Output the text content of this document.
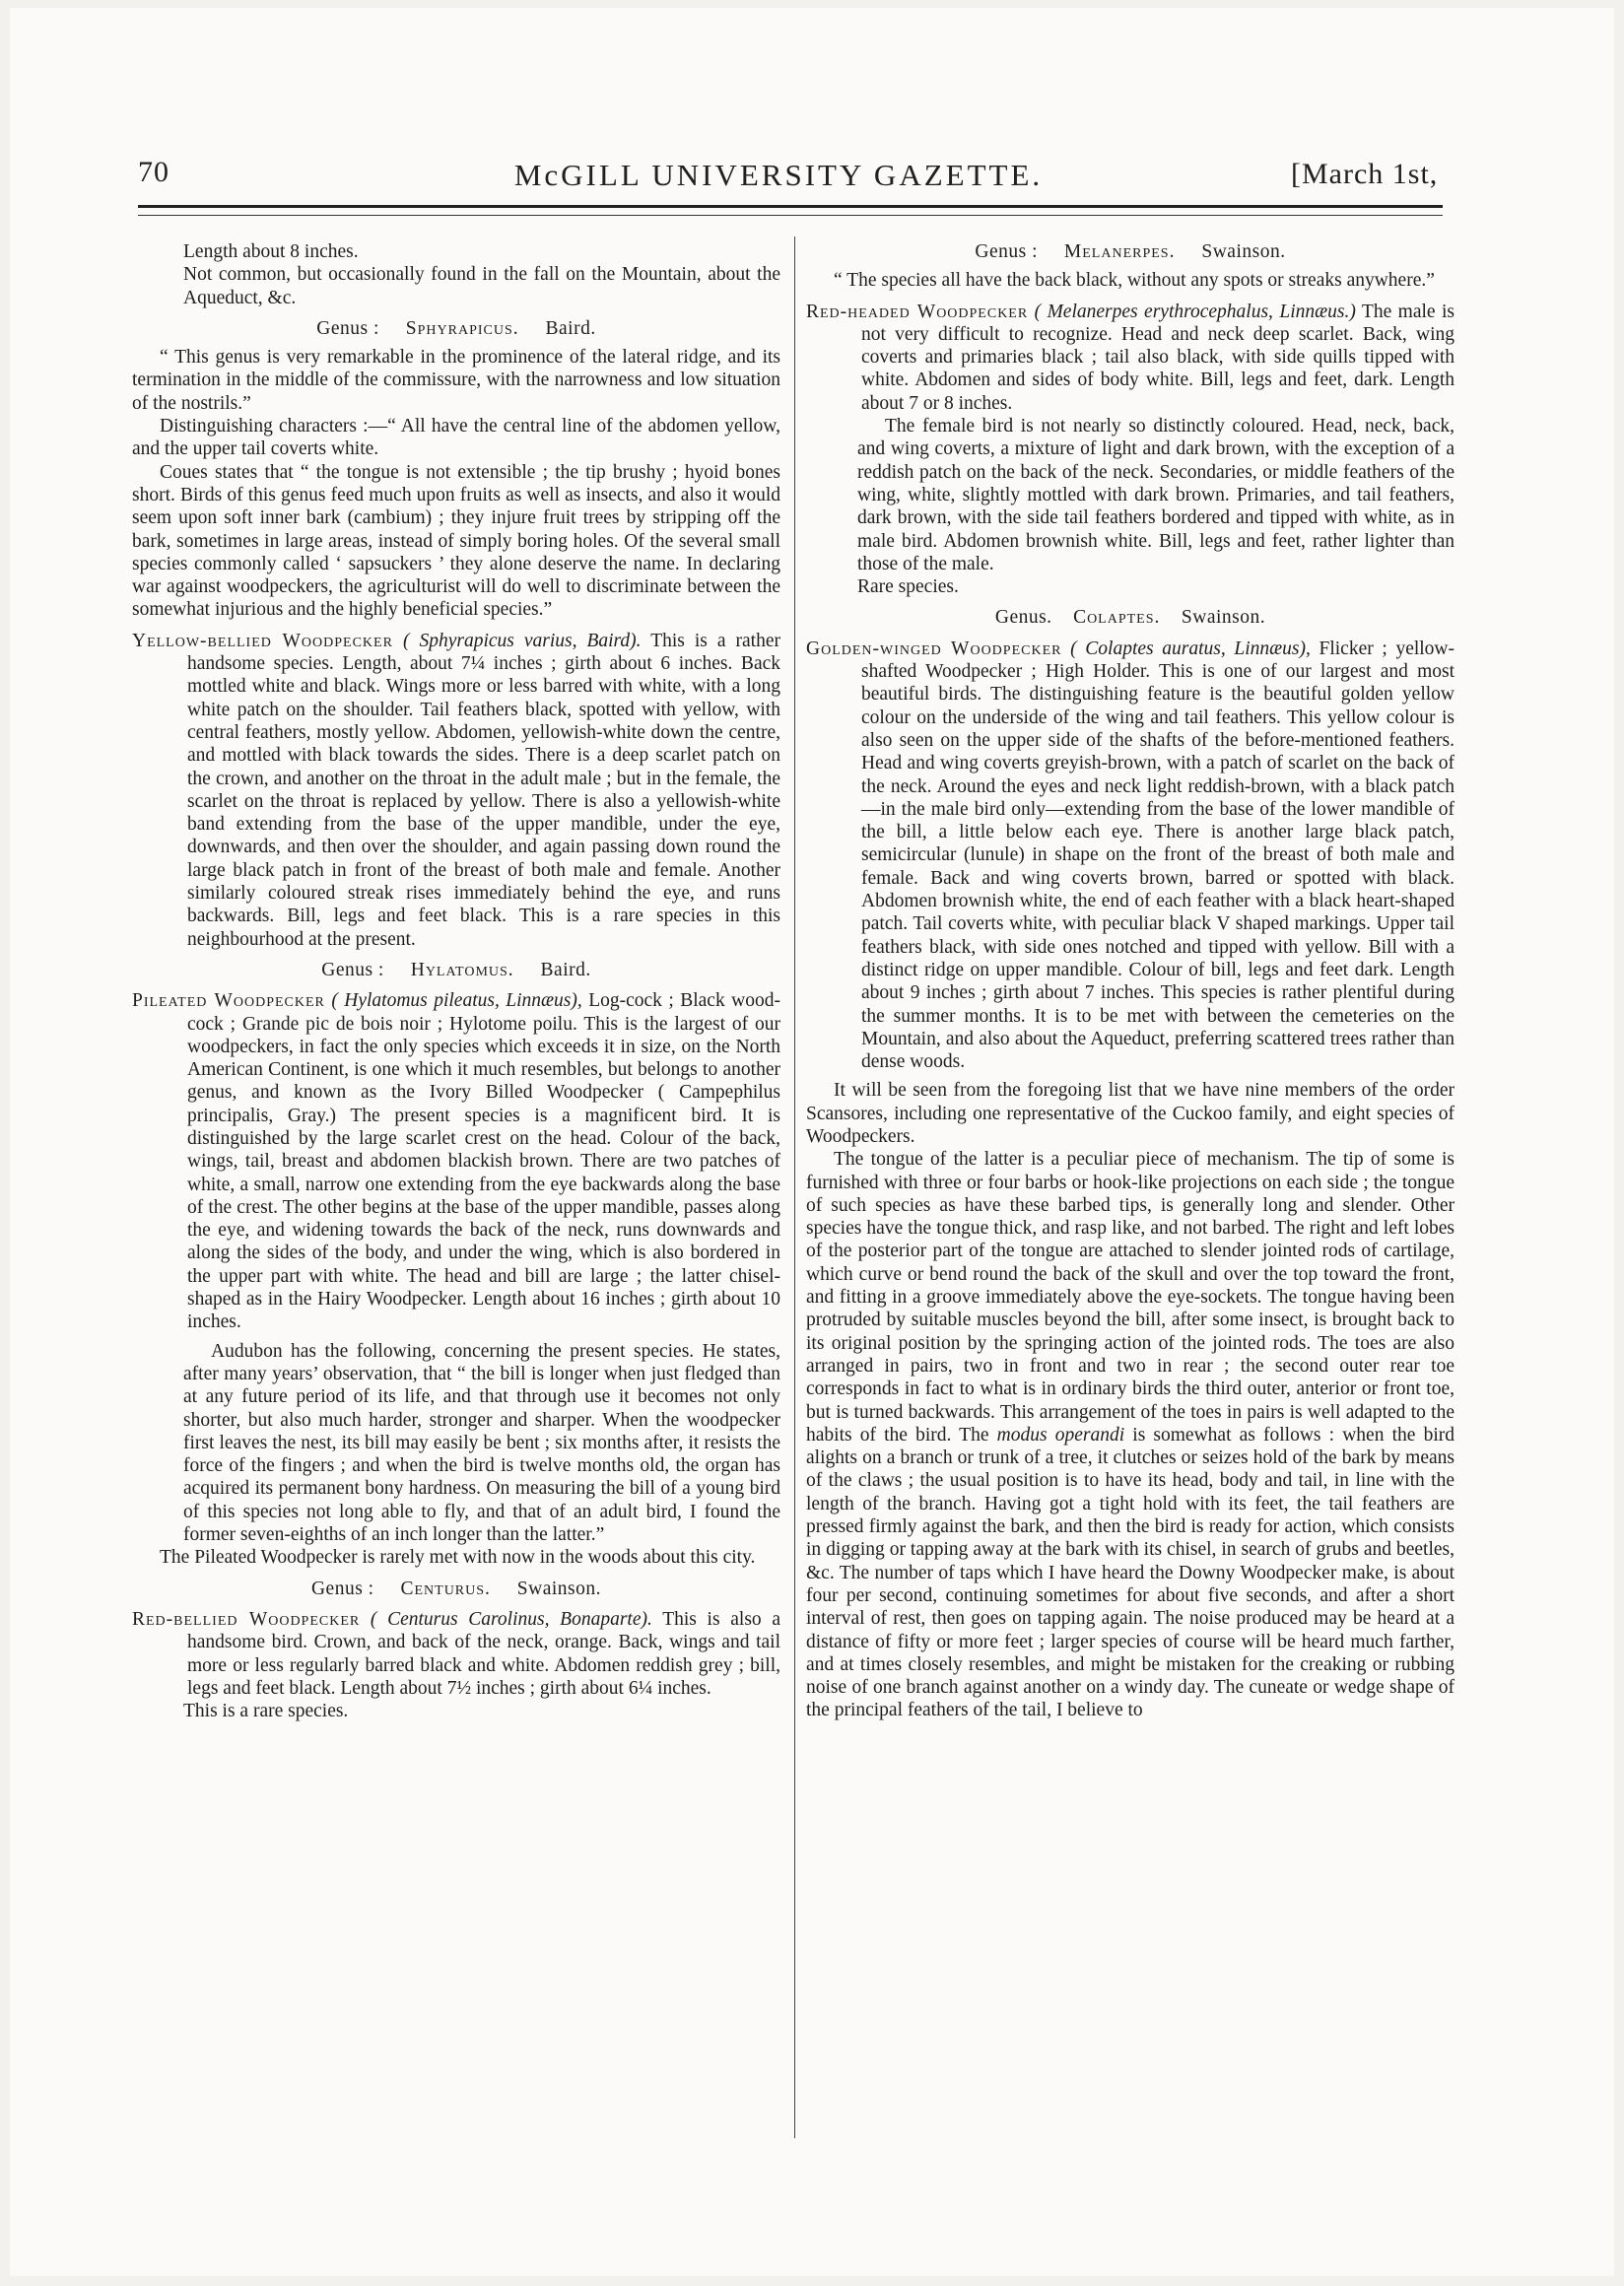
70	McGILL UNIVERSITY GAZETTE.	[March 1st,

Length about 8 inches.

Not common, but occasionally found in the fall on the Mountain, about the Aqueduct, &c.

Genus : Sphyrapicus. Baird.

“ This genus is very remarkable in the prominence of the lateral ridge, and its termination in the middle of the commissure, with the narrowness and low situation of the nostrils.”

Distinguishing characters :—“ All have the central line of the abdomen yellow, and the upper tail coverts white.

Coues states that “ the tongue is not extensible ; the tip brushy ; hyoid bones short. Birds of this genus feed much upon fruits as well as insects, and also it would seem upon soft inner bark (cambium) ; they injure fruit trees by stripping off the bark, sometimes in large areas, instead of simply boring holes. Of the several small species commonly called ‘ sapsuckers ’ they alone deserve the name. In declaring war against woodpeckers, the agriculturist will do well to discriminate between the somewhat injurious and the highly beneficial species.”

Yellow-bellied Woodpecker ( Sphyrapicus varius, Baird). This is a rather handsome species. Length, about 7¼ inches ; girth about 6 inches. Back mottled white and black. Wings more or less barred with white, with a long white patch on the shoulder. Tail feathers black, spotted with yellow, with central feathers, mostly yellow. Abdomen, yellowish-white down the centre, and mottled with black towards the sides. There is a deep scarlet patch on the crown, and another on the throat in the adult male ; but in the female, the scarlet on the throat is replaced by yellow. There is also a yellowish-white band extending from the base of the upper mandible, under the eye, downwards, and then over the shoulder, and again passing down round the large black patch in front of the breast of both male and female. Another similarly coloured streak rises immediately behind the eye, and runs backwards. Bill, legs and feet black. This is a rare species in this neighbourhood at the present.

Genus : Hylatomus. Baird.

Pileated Woodpecker ( Hylatomus pileatus, Linnæus), Log-cock ; Black wood-cock ; Grande pic de bois noir ; Hylotome poilu. This is the largest of our woodpeckers, in fact the only species which exceeds it in size, on the North American Continent, is one which it much resembles, but belongs to another genus, and known as the Ivory Billed Woodpecker ( Campephilus principalis, Gray.) The present species is a magnificent bird. It is distinguished by the large scarlet crest on the head. Colour of the back, wings, tail, breast and abdomen blackish brown. There are two patches of white, a small, narrow one extending from the eye backwards along the base of the crest. The other begins at the base of the upper mandible, passes along the eye, and widening towards the back of the neck, runs downwards and along the sides of the body, and under the wing, which is also bordered in the upper part with white. The head and bill are large ; the latter chisel-shaped as in the Hairy Woodpecker. Length about 16 inches ; girth about 10 inches.

Audubon has the following, concerning the present species. He states, after many years’ observation, that “ the bill is longer when just fledged than at any future period of its life, and that through use it becomes not only shorter, but also much harder, stronger and sharper. When the woodpecker first leaves the nest, its bill may easily be bent ; six months after, it resists the force of the fingers ; and when the bird is twelve months old, the organ has acquired its permanent bony hardness. On measuring the bill of a young bird of this species not long able to fly, and that of an adult bird, I found the former seven-eighths of an inch longer than the latter.”

The Pileated Woodpecker is rarely met with now in the woods about this city.

Genus : Centurus. Swainson.

Red-bellied Woodpecker ( Centurus Carolinus, Bonaparte). This is also a handsome bird. Crown, and back of the neck, orange. Back, wings and tail more or less regularly barred black and white. Abdomen reddish grey ; bill, legs and feet black. Length about 7½ inches ; girth about 6¼ inches.

This is a rare species.

Genus : Melanerpes. Swainson.

“ The species all have the back black, without any spots or streaks anywhere.”

Red-headed Woodpecker ( Melanerpes erythrocephalus, Linnæus.) The male is not very difficult to recognize. Head and neck deep scarlet. Back, wing coverts and primaries black ; tail also black, with side quills tipped with white. Abdomen and sides of body white. Bill, legs and feet, dark. Length about 7 or 8 inches.

The female bird is not nearly so distinctly coloured. Head, neck, back, and wing coverts, a mixture of light and dark brown, with the exception of a reddish patch on the back of the neck. Secondaries, or middle feathers of the wing, white, slightly mottled with dark brown. Primaries, and tail feathers, dark brown, with the side tail feathers bordered and tipped with white, as in male bird. Abdomen brownish white. Bill, legs and feet, rather lighter than those of the male.

Rare species.

Genus. Colaptes. Swainson.

Golden-winged Woodpecker ( Colaptes auratus, Linnæus), Flicker ; yellow-shafted Woodpecker ; High Holder. This is one of our largest and most beautiful birds. The distinguishing feature is the beautiful golden yellow colour on the underside of the wing and tail feathers. This yellow colour is also seen on the upper side of the shafts of the before-mentioned feathers. Head and wing coverts greyish-brown, with a patch of scarlet on the back of the neck. Around the eyes and neck light reddish-brown, with a black patch—in the male bird only—extending from the base of the lower mandible of the bill, a little below each eye. There is another large black patch, semicircular (lunule) in shape on the front of the breast of both male and female. Back and wing coverts brown, barred or spotted with black. Abdomen brownish white, the end of each feather with a black heart-shaped patch. Tail coverts white, with peculiar black V shaped markings. Upper tail feathers black, with side ones notched and tipped with yellow. Bill with a distinct ridge on upper mandible. Colour of bill, legs and feet dark. Length about 9 inches ; girth about 7 inches. This species is rather plentiful during the summer months. It is to be met with between the cemeteries on the Mountain, and also about the Aqueduct, preferring scattered trees rather than dense woods.

It will be seen from the foregoing list that we have nine members of the order Scansores, including one representative of the Cuckoo family, and eight species of Woodpeckers.

The tongue of the latter is a peculiar piece of mechanism. The tip of some is furnished with three or four barbs or hook-like projections on each side ; the tongue of such species as have these barbed tips, is generally long and slender. Other species have the tongue thick, and rasp like, and not barbed. The right and left lobes of the posterior part of the tongue are attached to slender jointed rods of cartilage, which curve or bend round the back of the skull and over the top toward the front, and fitting in a groove immediately above the eye-sockets. The tongue having been protruded by suitable muscles beyond the bill, after some insect, is brought back to its original position by the springing action of the jointed rods. The toes are also arranged in pairs, two in front and two in rear ; the second outer rear toe corresponds in fact to what is in ordinary birds the third outer, anterior or front toe, but is turned backwards. This arrangement of the toes in pairs is well adapted to the habits of the bird. The modus operandi is somewhat as follows : when the bird alights on a branch or trunk of a tree, it clutches or seizes hold of the bark by means of the claws ; the usual position is to have its head, body and tail, in line with the length of the branch. Having got a tight hold with its feet, the tail feathers are pressed firmly against the bark, and then the bird is ready for action, which consists in digging or tapping away at the bark with its chisel, in search of grubs and beetles, &c. The number of taps which I have heard the Downy Woodpecker make, is about four per second, continuing sometimes for about five seconds, and after a short interval of rest, then goes on tapping again. The noise produced may be heard at a distance of fifty or more feet ; larger species of course will be heard much farther, and at times closely resembles, and might be mistaken for the creaking or rubbing noise of one branch against another on a windy day. The cuneate or wedge shape of the principal feathers of the tail, I believe to
